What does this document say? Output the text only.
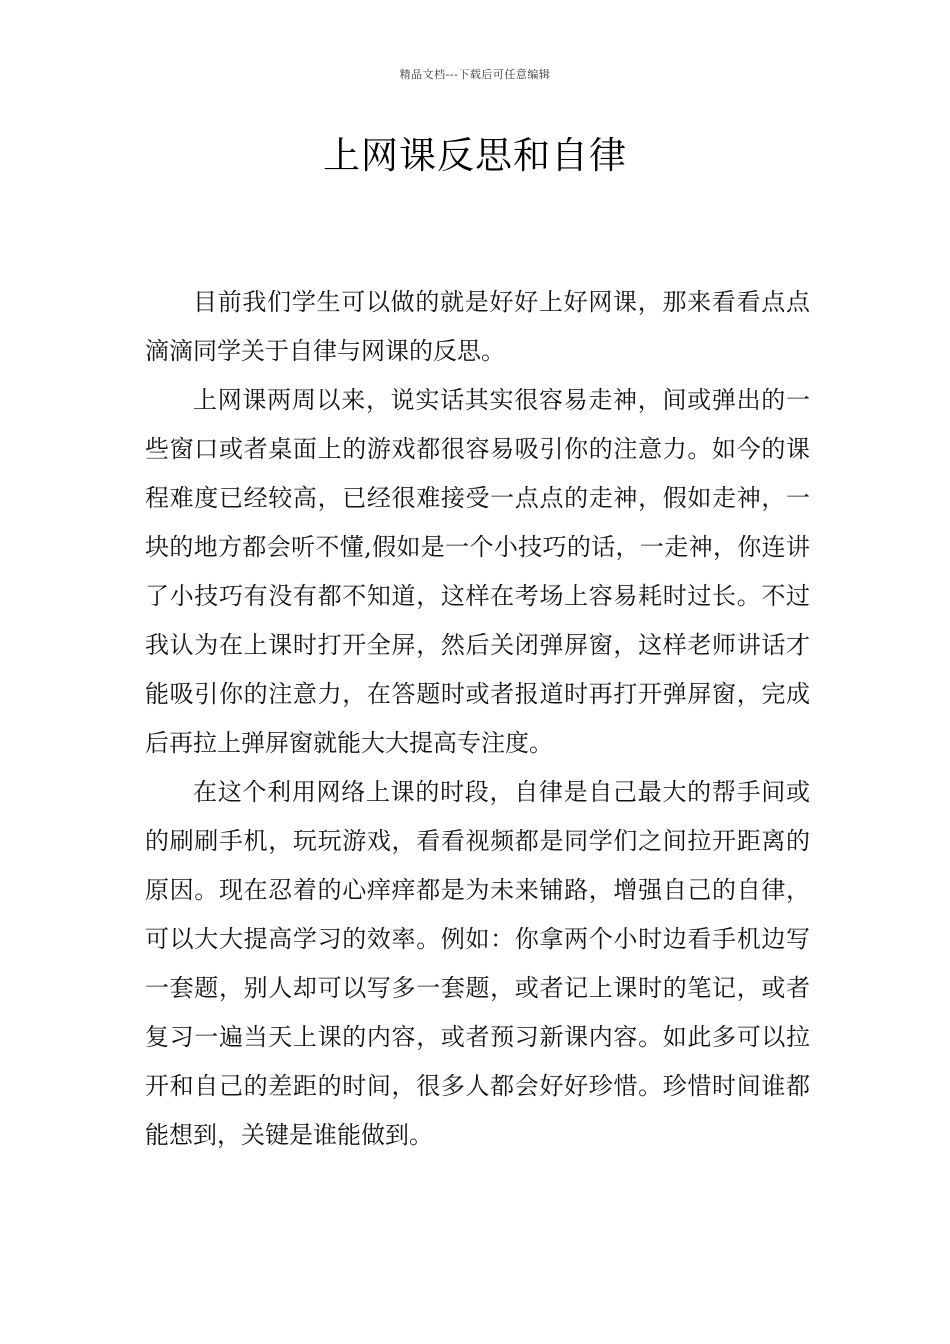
精品文档---下载后可任意编辑
上网课反思和自律

目前我们学生可以做的就是好好上好网课，那来看看点点滴滴同学关于自律与网课的反思。

上网课两周以来，说实话其实很容易走神，间或弹出的一些窗口或者桌面上的游戏都很容易吸引你的注意力。如今的课程难度已经较高，已经很难接受一点点的走神，假如走神，一块的地方都会听不懂,假如是一个小技巧的话，一走神，你连讲了小技巧有没有都不知道，这样在考场上容易耗时过长。不过我认为在上课时打开全屏，然后关闭弹屏窗，这样老师讲话才能吸引你的注意力，在答题时或者报道时再打开弹屏窗，完成后再拉上弹屏窗就能大大提高专注度。

在这个利用网络上课的时段，自律是自己最大的帮手间或的刷刷手机，玩玩游戏，看看视频都是同学们之间拉开距离的原因。现在忍着的心痒痒都是为未来铺路，增强自己的自律，可以大大提高学习的效率。例如：你拿两个小时边看手机边写一套题，别人却可以写多一套题，或者记上课时的笔记，或者复习一遍当天上课的内容，或者预习新课内容。如此多可以拉开和自己的差距的时间，很多人都会好好珍惜。珍惜时间谁都能想到，关键是谁能做到。
